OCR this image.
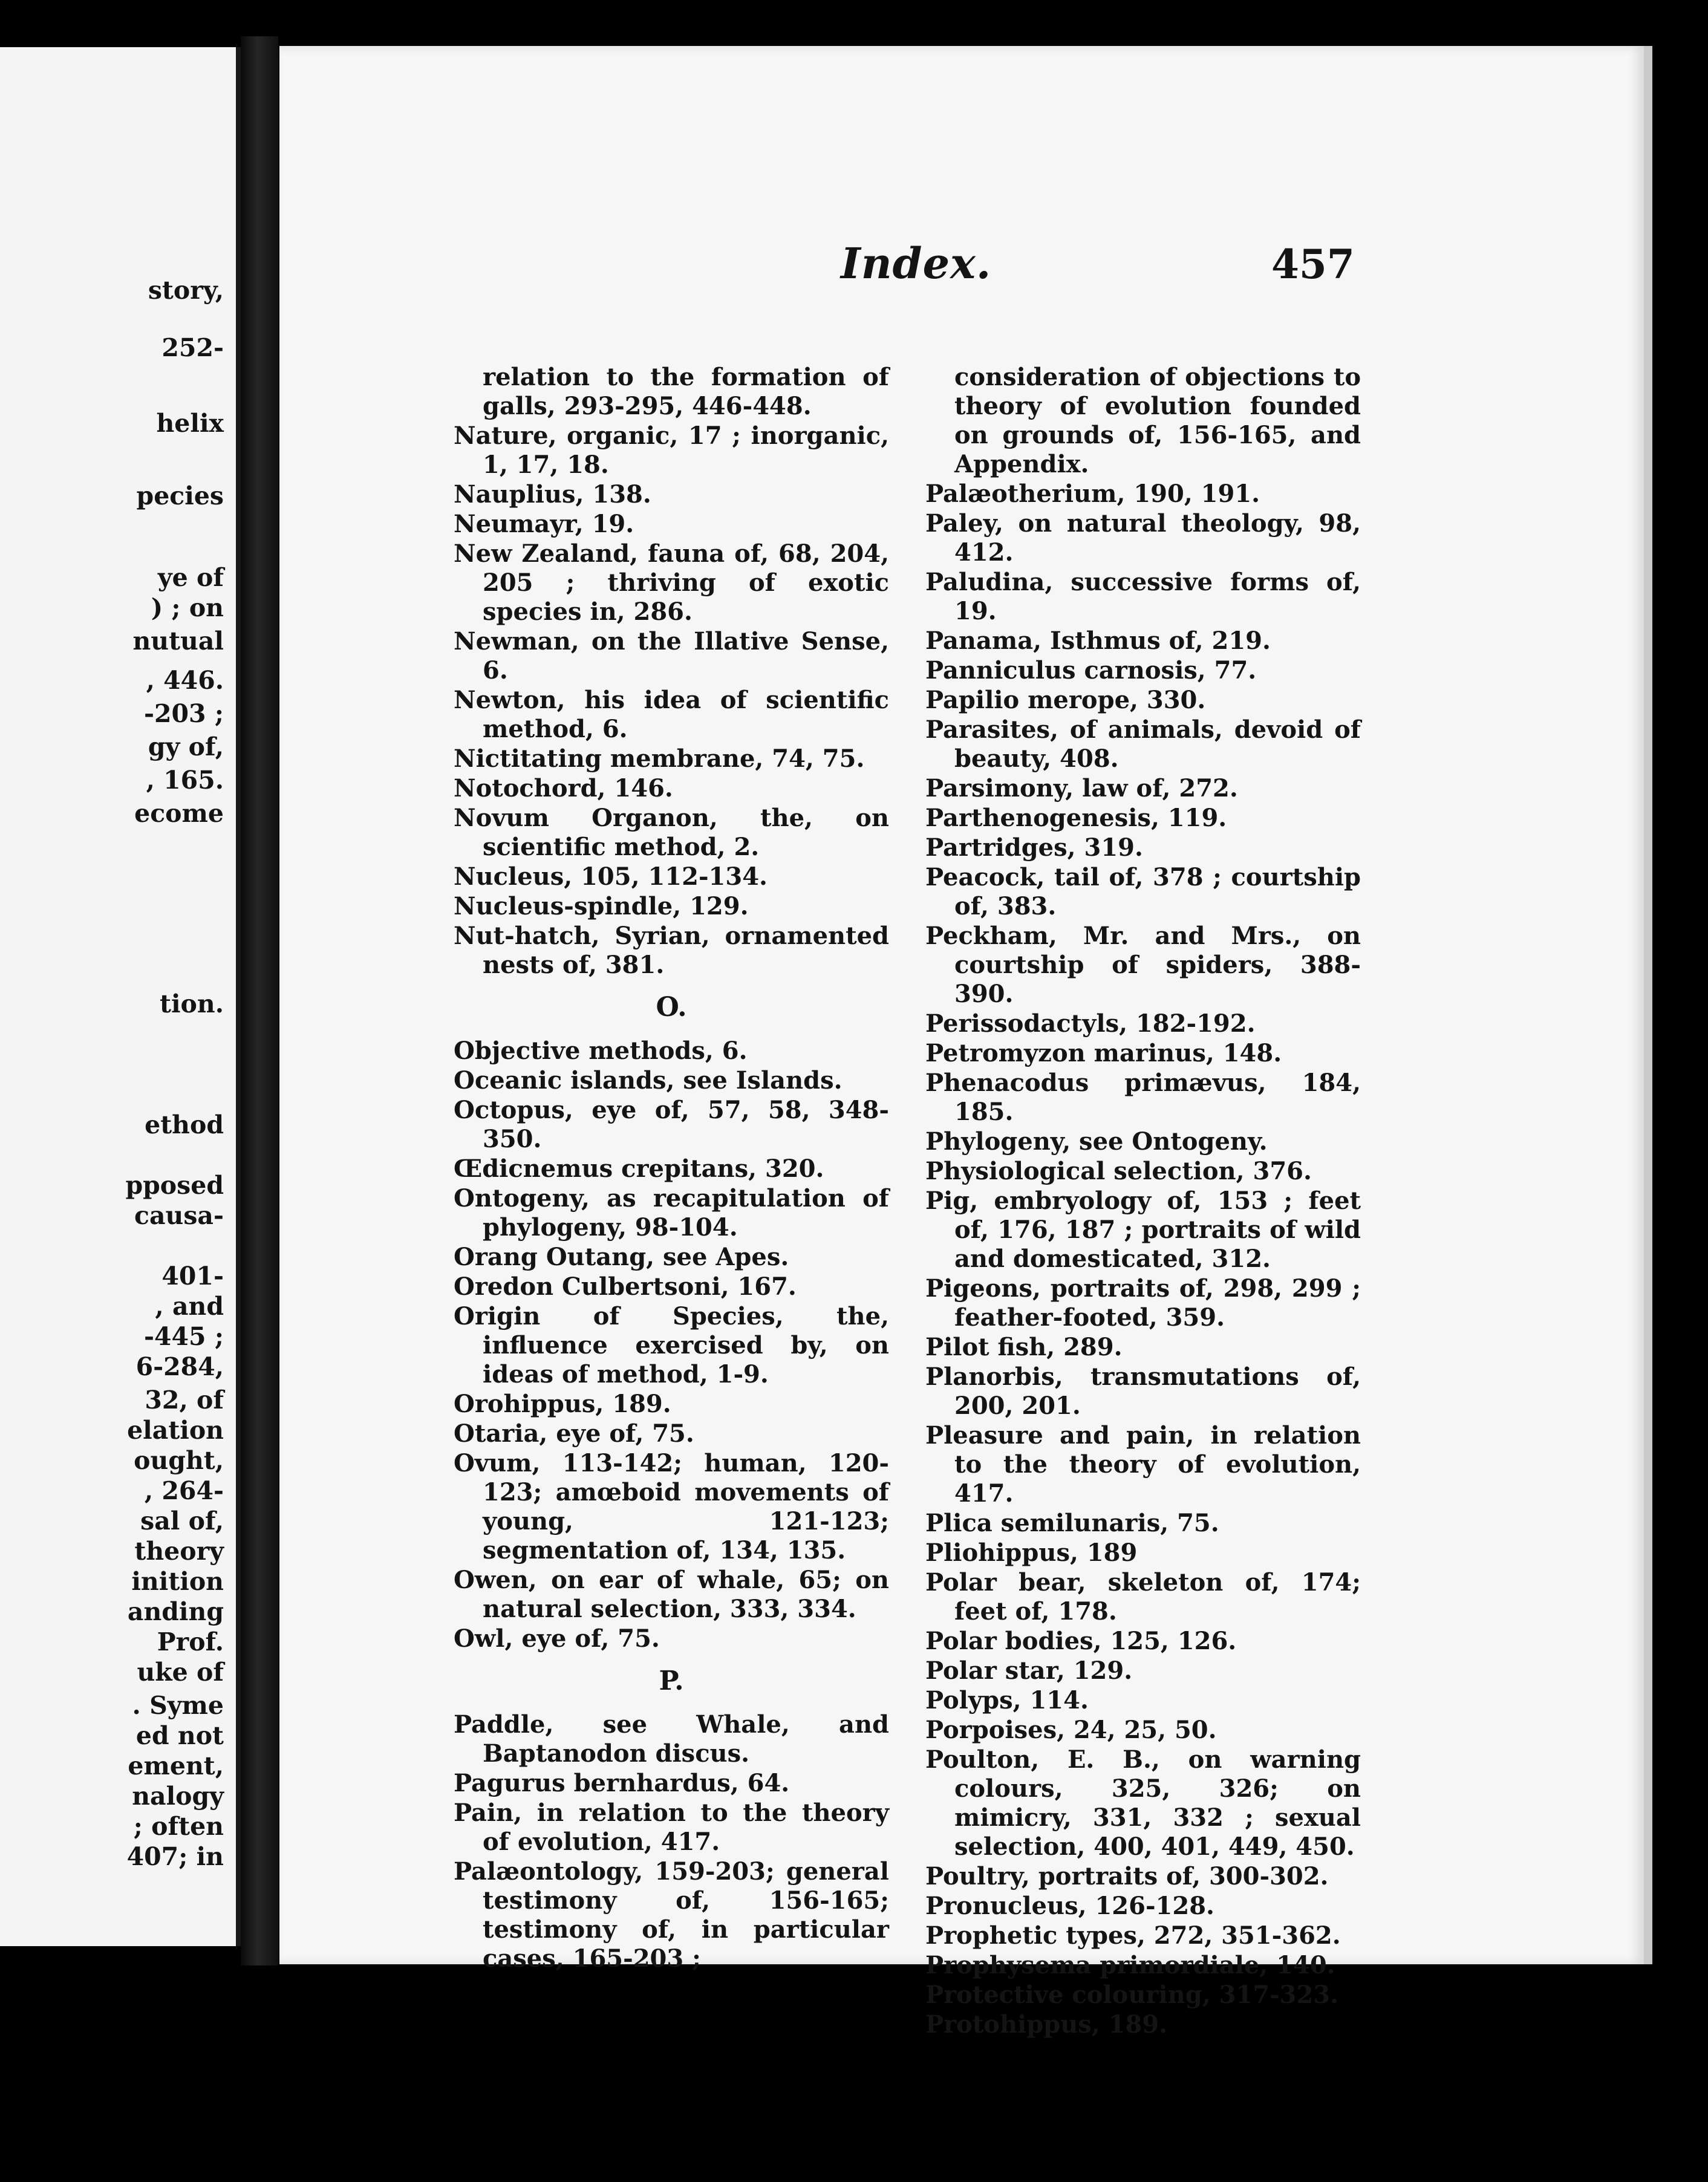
story,
252-
helix
pecies
ye of
) ; on
nutual
, 446.
-203 ;
gy of,
, 165.
ecome
tion.
ethod
pposed
causa-
401-
, and
-445 ;
6-284,
32, of
elation
ought,
, 264-
sal of,
theory
inition
anding
Prof.
uke of
. Syme
ed not
ement,
nalogy
; often
407; in
Index.	457
relation to the formation of galls, 293-295, 446-448.
Nature, organic, 17 ; inorganic, 1, 17, 18.
Nauplius, 138.
Neumayr, 19.
New Zealand, fauna of, 68, 204, 205 ; thriving of exotic species in, 286.
Newman, on the Illative Sense, 6.
Newton, his idea of scientific method, 6.
Nictitating membrane, 74, 75.
Notochord, 146.
Novum Organon, the, on scientific method, 2.
Nucleus, 105, 112-134.
Nucleus-spindle, 129.
Nut-hatch, Syrian, ornamented nests of, 381.
O.
Objective methods, 6.
Oceanic islands, see Islands.
Octopus, eye of, 57, 58, 348-350.
Œdicnemus crepitans, 320.
Ontogeny, as recapitulation of phylogeny, 98-104.
Orang Outang, see Apes.
Oredon Culbertsoni, 167.
Origin of Species, the, influence exercised by, on ideas of method, 1-9.
Orohippus, 189.
Otaria, eye of, 75.
Ovum, 113-142; human, 120-123; amœboid movements of young, 121-123; segmentation of, 134, 135.
Owen, on ear of whale, 65; on natural selection, 333, 334.
Owl, eye of, 75.
P.
Paddle, see Whale, and Baptanodon discus.
Pagurus bernhardus, 64.
Pain, in relation to the theory of evolution, 417.
Palæontology, 159-203; general testimony of, 156-165; testimony of, in particular cases, 165-203 ;
consideration of objections to theory of evolution founded on grounds of, 156-165, and Appendix.
Palæotherium, 190, 191.
Paley, on natural theology, 98, 412.
Paludina, successive forms of, 19.
Panama, Isthmus of, 219.
Panniculus carnosis, 77.
Papilio merope, 330.
Parasites, of animals, devoid of beauty, 408.
Parsimony, law of, 272.
Parthenogenesis, 119.
Partridges, 319.
Peacock, tail of, 378 ; courtship of, 383.
Peckham, Mr. and Mrs., on courtship of spiders, 388-390.
Perissodactyls, 182-192.
Petromyzon marinus, 148.
Phenacodus primævus, 184, 185.
Phylogeny, see Ontogeny.
Physiological selection, 376.
Pig, embryology of, 153 ; feet of, 176, 187 ; portraits of wild and domesticated, 312.
Pigeons, portraits of, 298, 299 ; feather-footed, 359.
Pilot fish, 289.
Planorbis, transmutations of, 200, 201.
Pleasure and pain, in relation to the theory of evolution, 417.
Plica semilunaris, 75.
Pliohippus, 189
Polar bear, skeleton of, 174; feet of, 178.
Polar bodies, 125, 126.
Polar star, 129.
Polyps, 114.
Porpoises, 24, 25, 50.
Poulton, E. B., on warning colours, 325, 326; on mimicry, 331, 332 ; sexual selection, 400, 401, 449, 450.
Poultry, portraits of, 300-302.
Pronucleus, 126-128.
Prophetic types, 272, 351-362.
Prophysema primordiale, 140.
Protective colouring, 317-323.
Protohippus, 189.
